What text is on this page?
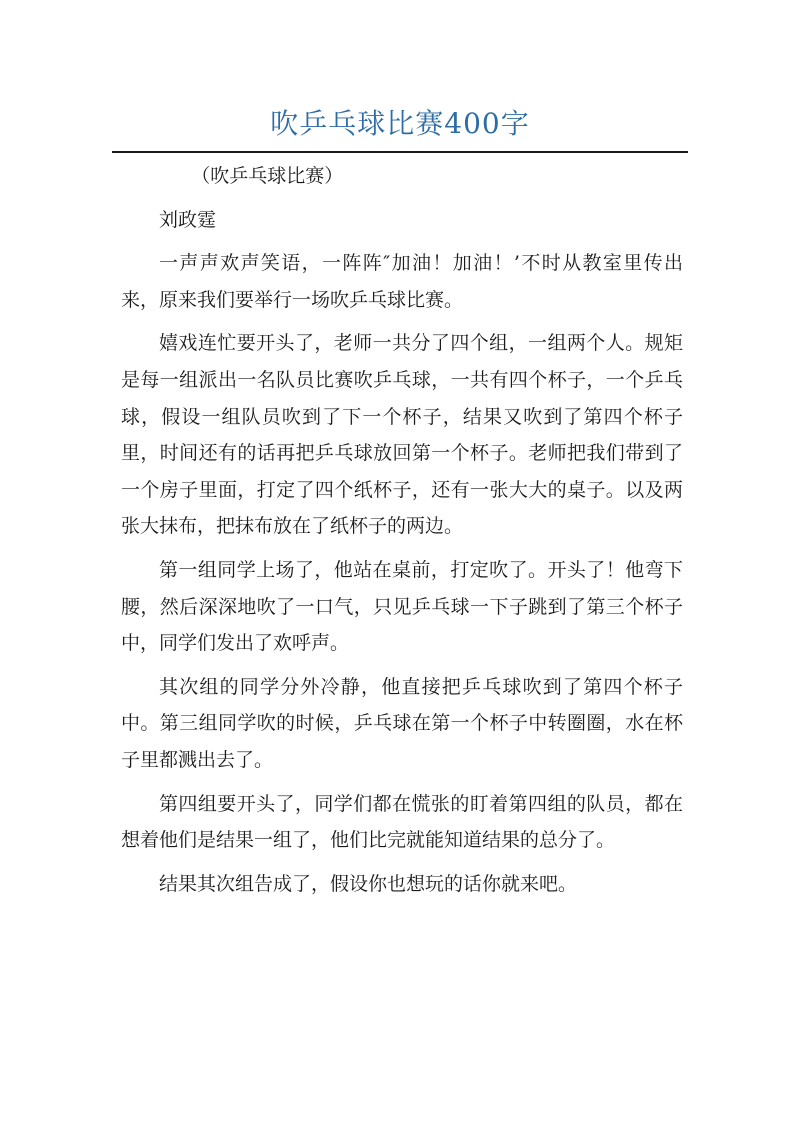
吹乒乓球比赛400字

（吹乒乓球比赛）

刘政霆

一声声欢声笑语，一阵阵″加油！加油！’不时从教室里传出来，原来我们要举行一场吹乒乓球比赛。

嬉戏连忙要开头了，老师一共分了四个组，一组两个人。规矩是每一组派出一名队员比赛吹乒乓球，一共有四个杯子，一个乒乓球，假设一组队员吹到了下一个杯子，结果又吹到了第四个杯子里，时间还有的话再把乒乓球放回第一个杯子。老师把我们带到了一个房子里面，打定了四个纸杯子，还有一张大大的桌子。以及两张大抹布，把抹布放在了纸杯子的两边。

第一组同学上场了，他站在桌前，打定吹了。开头了！他弯下腰，然后深深地吹了一口气，只见乒乓球一下子跳到了第三个杯子中，同学们发出了欢呼声。

其次组的同学分外冷静，他直接把乒乓球吹到了第四个杯子中。第三组同学吹的时候，乒乓球在第一个杯子中转圈圈，水在杯子里都溅出去了。

第四组要开头了，同学们都在慌张的盯着第四组的队员，都在想着他们是结果一组了，他们比完就能知道结果的总分了。

结果其次组告成了，假设你也想玩的话你就来吧。
